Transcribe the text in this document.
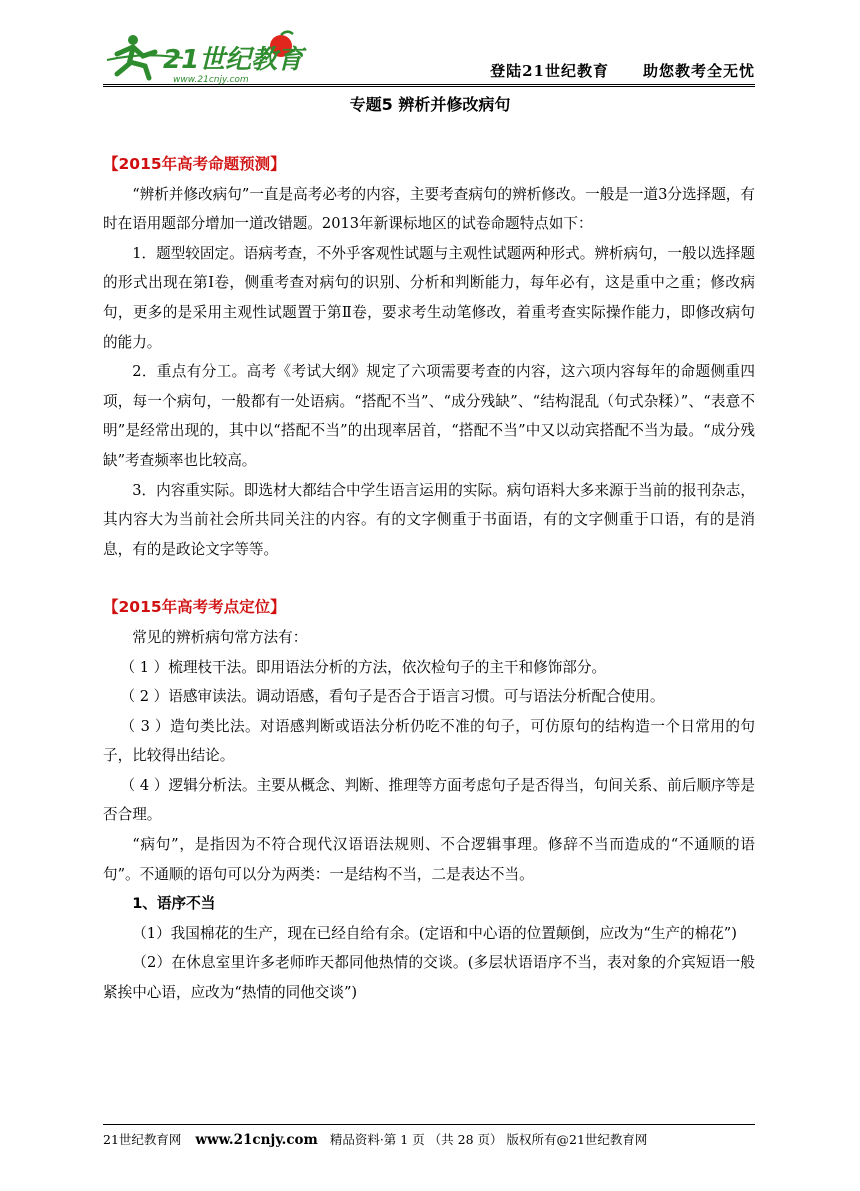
21世纪教育
www.21cnjy.com	登陆21世纪教育 助您教考全无忧
专题5 辨析并修改病句

【2015年高考命题预测】

“辨析并修改病句”一直是高考必考的内容，主要考查病句的辨析修改。一般是一道3分选择题，有时在语用题部分增加一道改错题。2013年新课标地区的试卷命题特点如下：

1．题型较固定。语病考查，不外乎客观性试题与主观性试题两种形式。辨析病句，一般以选择题的形式出现在第Ⅰ卷，侧重考查对病句的识别、分析和判断能力，每年必有，这是重中之重；修改病句，更多的是采用主观性试题置于第Ⅱ卷，要求考生动笔修改，着重考查实际操作能力，即修改病句的能力。

2．重点有分工。高考《考试大纲》规定了六项需要考查的内容，这六项内容每年的命题侧重四项，每一个病句，一般都有一处语病。“搭配不当”、“成分残缺”、“结构混乱（句式杂糅）”、“表意不明”是经常出现的，其中以“搭配不当”的出现率居首，“搭配不当”中又以动宾搭配不当为最。“成分残缺”考查频率也比较高。

3．内容重实际。即选材大都结合中学生语言运用的实际。病句语料大多来源于当前的报刊杂志，其内容大为当前社会所共同关注的内容。有的文字侧重于书面语，有的文字侧重于口语，有的是消息，有的是政论文字等等。

【2015年高考考点定位】

常见的辨析病句常方法有：

（ 1 ）梳理枝干法。即用语法分析的方法，依次检句子的主干和修饰部分。

（ 2 ）语感审读法。调动语感，看句子是否合于语言习惯。可与语法分析配合使用。

（ 3 ）造句类比法。对语感判断或语法分析仍吃不准的句子，可仿原句的结构造一个日常用的句子，比较得出结论。

（ 4 ）逻辑分析法。主要从概念、判断、推理等方面考虑句子是否得当，句间关系、前后顺序等是否合理。

“病句”，是指因为不符合现代汉语语法规则、不合逻辑事理。修辞不当而造成的“不通顺的语句”。不通顺的语句可以分为两类：一是结构不当，二是表达不当。

1、语序不当

（1）我国棉花的生产，现在已经自给有余。(定语和中心语的位置颠倒，应改为“生产的棉花”)

（2）在休息室里许多老师昨天都同他热情的交谈。(多层状语语序不当，表对象的介宾短语一般紧挨中心语，应改为“热情的同他交谈”)

21世纪教育网 www.21cnjy.com 精品资料·第 1 页 （共 28 页） 版权所有@21世纪教育网
